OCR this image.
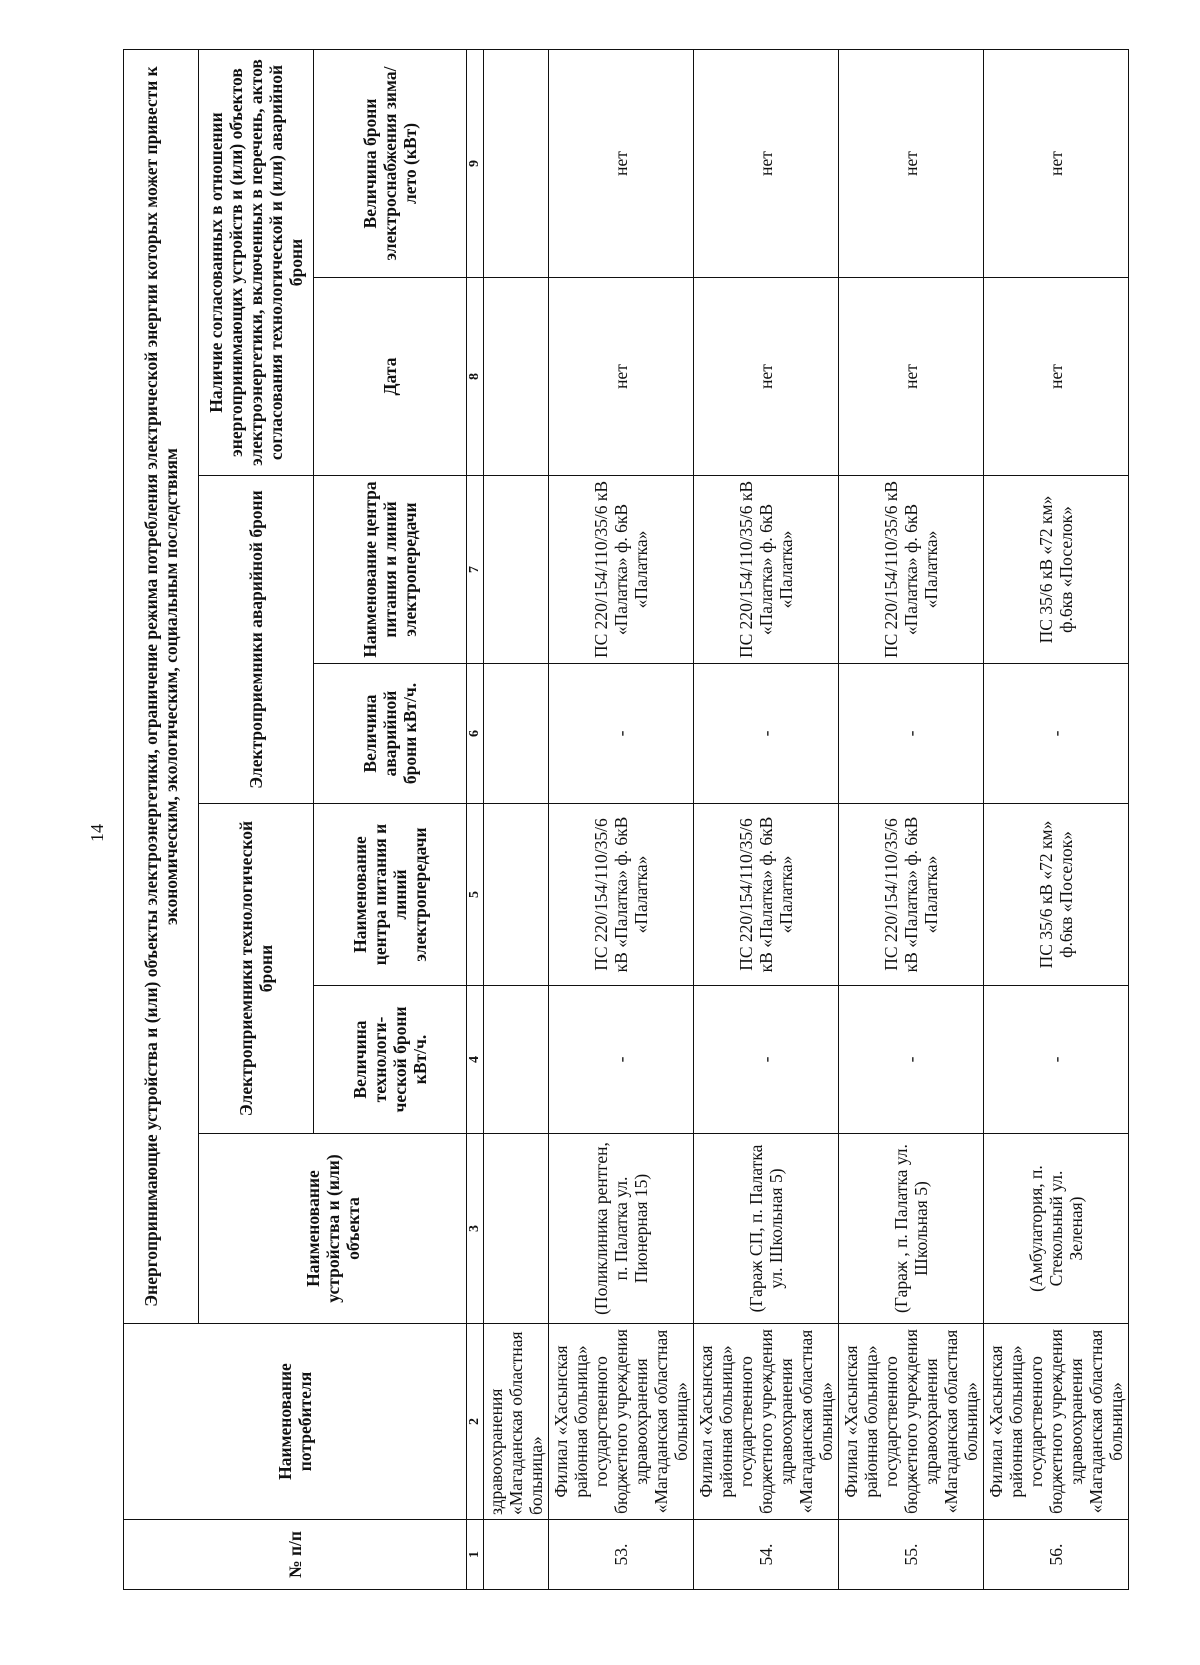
14
№ п/п	Наименование потребителя	Энергопринимающие устройства и (или) объекты электроэнергетики, ограничение режима потребления электрической энергии которых может привести к экономическим, экологическим, социальным последствиям						
		Наименование устройства и (или) объекта	Электроприемники технологической брони		Электроприемники аварийной брони		Наличие согласованных в отношении энергопринимающих устройств и (или) объектов электроэнергетики, включенных в перечень, актов согласования технологической и (или) аварийной брони	
			Величина технологи-ческой брони кВт/ч.	Наименование центра питания и линий электропередачи	Величина аварийной брони кВт/ч.	Наименование центра питания и линий электропередачи	Дата	Величина брони электроснабжения зима/лето (кВт)
1	2	3	4	5	6	7	8	9
	здравоохранения «Магаданская областная больница»							
53.	Филиал «Хасынская районная больница» государственного бюджетного учреждения здравоохранения «Магаданская областная больница»	(Поликлиника рентген, п. Палатка ул. Пионерная 15)	-	ПС 220/154/110/35/6 кВ «Палатка» ф. 6кВ «Палатка»	-	ПС 220/154/110/35/6 кВ «Палатка» ф. 6кВ «Палатка»	нет	нет
54.	Филиал «Хасынская районная больница» государственного бюджетного учреждения здравоохранения «Магаданская областная больница»	(Гараж СП, п. Палатка ул. Школьная 5)	-	ПС 220/154/110/35/6 кВ «Палатка» ф. 6кВ «Палатка»	-	ПС 220/154/110/35/6 кВ «Палатка» ф. 6кВ «Палатка»	нет	нет
55.	Филиал «Хасынская районная больница» государственного бюджетного учреждения здравоохранения «Магаданская областная больница»	(Гараж , п. Палатка ул. Школьная 5)	-	ПС 220/154/110/35/6 кВ «Палатка» ф. 6кВ «Палатка»	-	ПС 220/154/110/35/6 кВ «Палатка» ф. 6кВ «Палатка»	нет	нет
56.	Филиал «Хасынская районная больница» государственного бюджетного учреждения здравоохранения «Магаданская областная больница»	(Амбулатория, п. Стекольный ул. Зеленая)	-	ПС 35/6 кВ «72 км» ф.6кв «Поселок»	-	ПС 35/6 кВ «72 км» ф.6кв «Поселок»	нет	нет
